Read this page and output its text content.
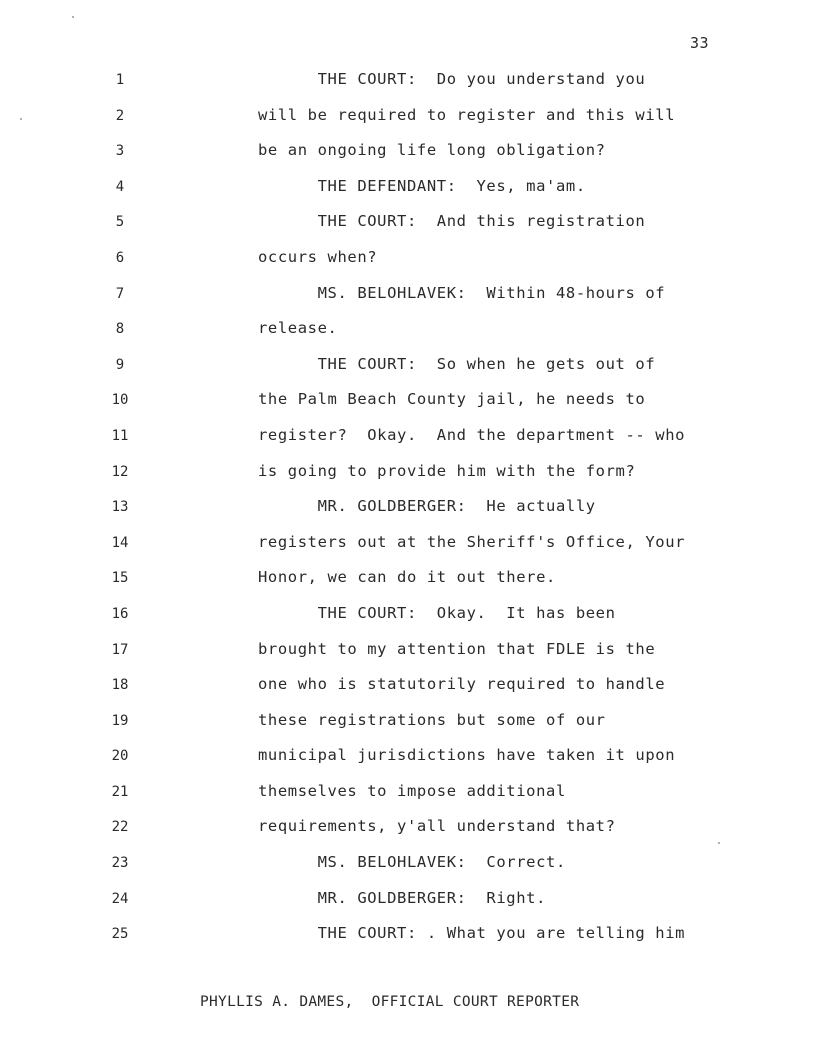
33
1
2
3
4
5
6
7
8
9
10
11
12
13
14
15
16
17
18
19
20
21
22
23
24
25
THE COURT:  Do you understand you
will be required to register and this will
be an ongoing life long obligation?
THE DEFENDANT:  Yes, ma'am.
THE COURT:  And this registration
occurs when?
MS. BELOHLAVEK:  Within 48-hours of
release.
THE COURT:  So when he gets out of
the Palm Beach County jail, he needs to
register?  Okay.  And the department -- who
is going to provide him with the form?
MR. GOLDBERGER:  He actually
registers out at the Sheriff's Office, Your
Honor, we can do it out there.
THE COURT:  Okay.  It has been
brought to my attention that FDLE is the
one who is statutorily required to handle
these registrations but some of our
municipal jurisdictions have taken it upon
themselves to impose additional
requirements, y'all understand that?
MS. BELOHLAVEK:  Correct.
MR. GOLDBERGER:  Right.
THE COURT: . What you are telling him
PHYLLIS A. DAMES,  OFFICIAL COURT REPORTER
